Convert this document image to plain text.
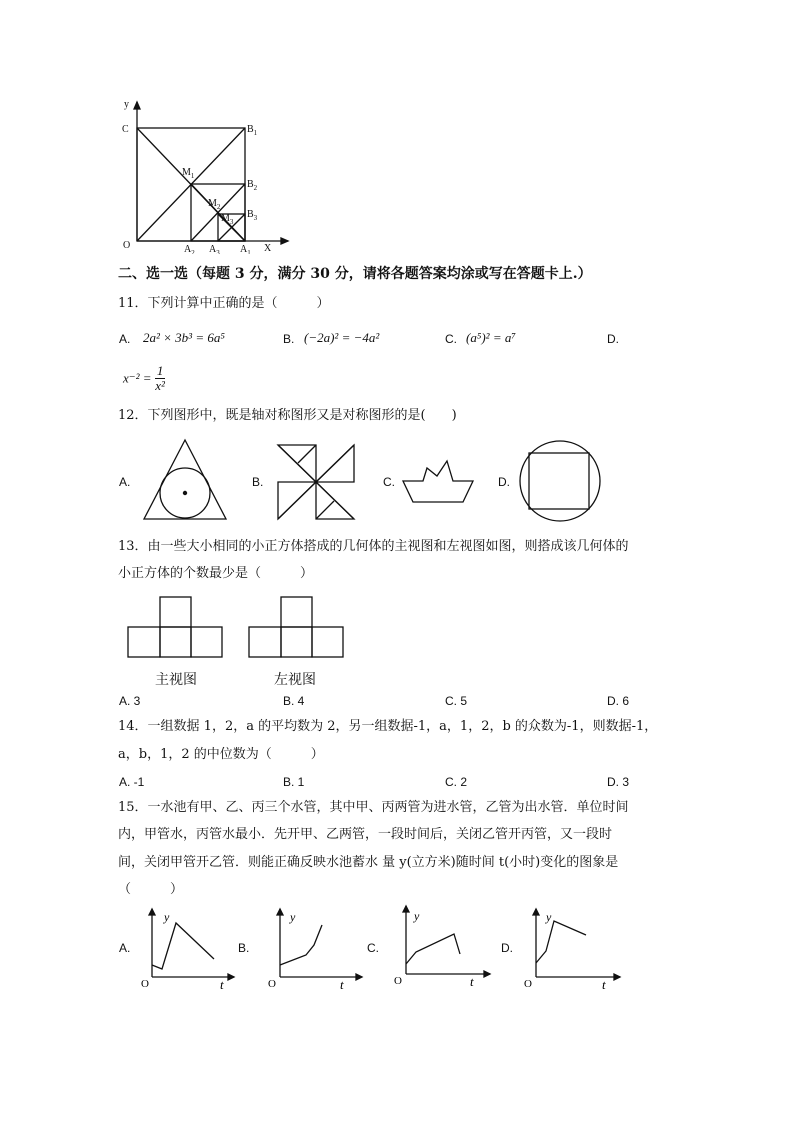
y
C	$B_1$
$M_1$
$B_2$
$M_2$
$M_3$
$B_3$
O	$A_2$ $A_3$ $A_1$ X
二、选一选（每题 3 分，满分 30 分，请将各题答案均涂或写在答题卡上.）
11．下列计算中正确的是（　　　）
A. 2a² × 3b³ = 6a⁵	B. (−2a)² = −4a²	C. (a⁵)² = a⁷	D.
$x^{-2} = \frac{1}{\text{x²}}$
12．下列图形中，既是轴对称图形又是对称图形的是(　　)
A.	B.	C.	D.
13．由一些大小相同的小正方体搭成的几何体的主视图和左视图如图，则搭成该几何体的
小正方体的个数最少是（　　　）
主视图	左视图
A. 3	B. 4	C. 5	D. 6
14．一组数据 1，2，a 的平均数为 2，另一组数据-1，a，1，2，b 的众数为-1，则数据-1，
a，b，1，2 的中位数为（　　　）
A. -1	B. 1	C. 2	D. 3
15．一水池有甲、乙、丙三个水管，其中甲、丙两管为进水管，乙管为出水管．单位时间
内，甲管水，丙管水最小．先开甲、乙两管，一段时间后，关闭乙管开丙管，又一段时
间，关闭甲管开乙管．则能正确反映水池蓄水 量 y(立方米)随时间 t(小时)变化的图象是
（　　　）
A.
y
O	t
B.
y
O	t
C.
y
O	t
D.
y
O	t
